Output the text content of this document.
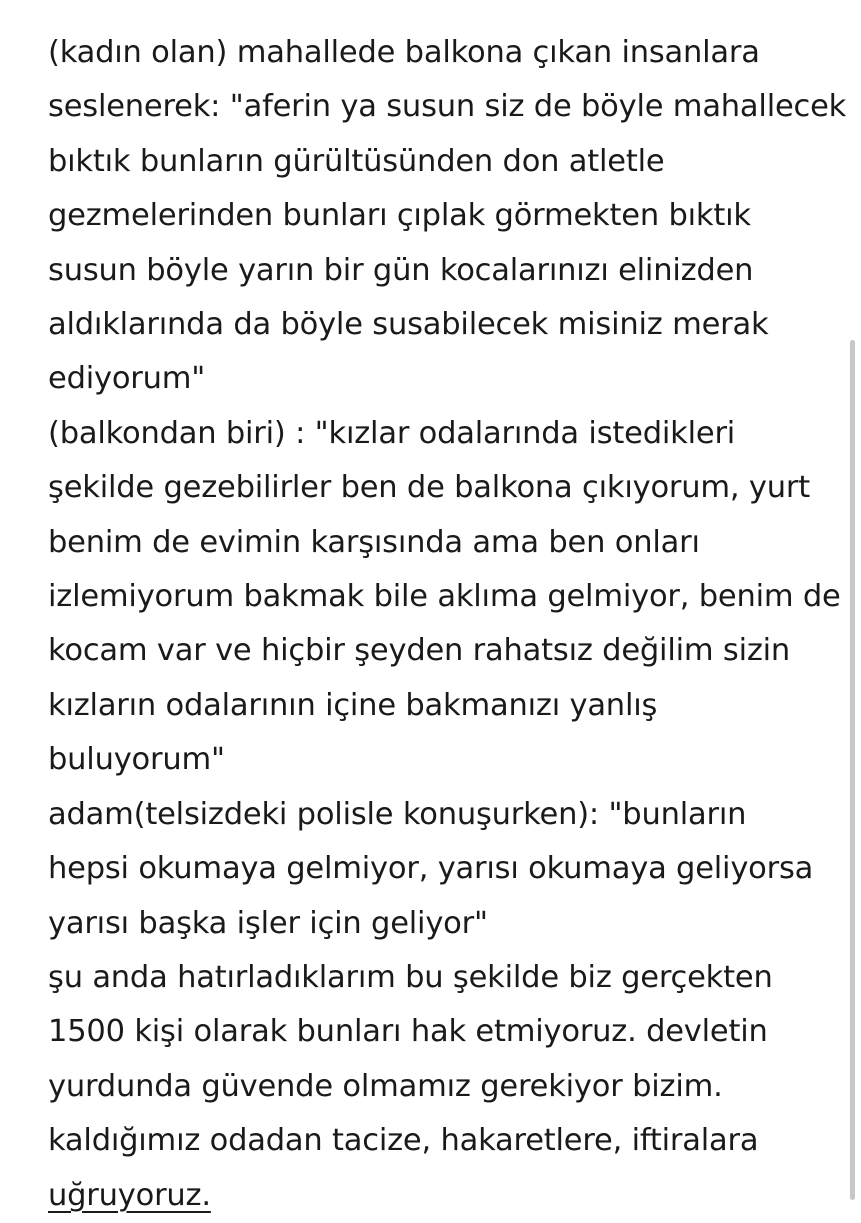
(kadın olan) mahallede balkona çıkan insanlara
seslenerek: "aferin ya susun siz de böyle mahallecek
bıktık bunların gürültüsünden don atletle
gezmelerinden bunları çıplak görmekten bıktık
susun böyle yarın bir gün kocalarınızı elinizden
aldıklarında da böyle susabilecek misiniz merak
ediyorum"
(balkondan biri) : "kızlar odalarında istedikleri
şekilde gezebilirler ben de balkona çıkıyorum, yurt
benim de evimin karşısında ama ben onları
izlemiyorum bakmak bile aklıma gelmiyor, benim de
kocam var ve hiçbir şeyden rahatsız değilim sizin
kızların odalarının içine bakmanızı yanlış
buluyorum"
adam(telsizdeki polisle konuşurken): "bunların
hepsi okumaya gelmiyor, yarısı okumaya geliyorsa
yarısı başka işler için geliyor"
şu anda hatırladıklarım bu şekilde biz gerçekten
1500 kişi olarak bunları hak etmiyoruz. devletin
yurdunda güvende olmamız gerekiyor bizim.
kaldığımız odadan tacize, hakaretlere, iftiralara
uğruyoruz.
